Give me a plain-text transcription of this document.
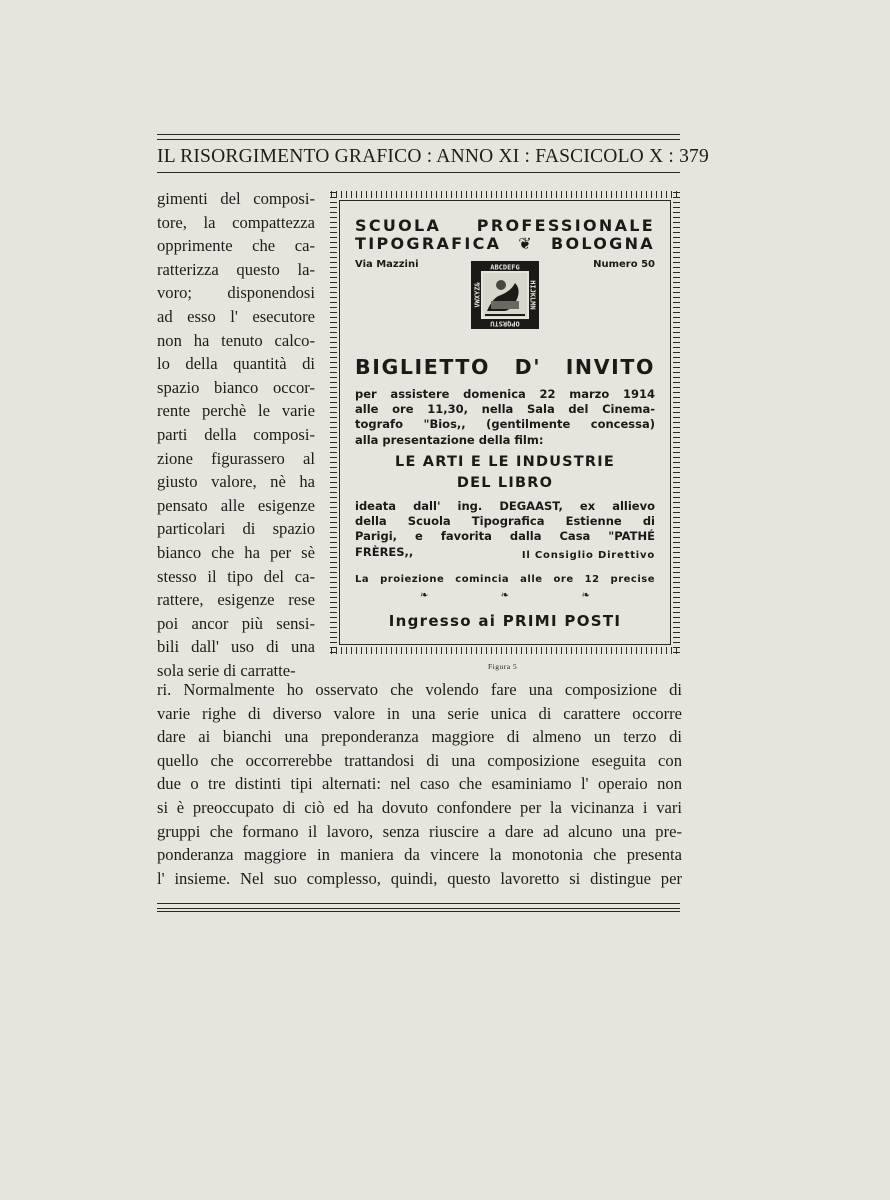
IL RISORGIMENTO GRAFICO : ANNO XI : FASCICOLO X : 379
gimenti del composi-
tore, la compattezza
opprimente che ca-
ratterizza questo la-
voro; disponendosi
ad esso l' esecutore
non ha tenuto calco-
lo della quantità di
spazio bianco occor-
rente perchè le varie
parti della composi-
zione figurassero al
giusto valore, nè ha
pensato alle esigenze
particolari di spazio
bianco che ha per sè
stesso il tipo del ca-
rattere, esigenze rese
poi ancor più sensi-
bili dall' uso di una
sola serie di carratte-
SCUOLA PROFESSIONALE
TIPOGRAFICA ❦ BOLOGNA
Via Mazzini	Numero 50
ABCDEFG
OPQRSTU
HIJKLMN
VWXYZ&
BIGLIETTO D' INVITO
per assistere domenica 22 marzo 1914
alle ore 11,30, nella Sala del Cinema-
tografo "Bios,, (gentilmente concessa)
alla presentazione della film:
LE ARTI E LE INDUSTRIE
DEL LIBRO
ideata dall' ing. DEGAAST, ex allievo
della Scuola Tipografica Estienne di
Parigi, e favorita dalla Casa "PATHÉ
FRÈRES,,	Il Consiglio Direttivo
La proiezione comincia alle ore 12 precise
❧	❧	❧
Ingresso ai PRIMI POSTI
Figura 5
ri. Normalmente ho osservato che volendo fare una composizione di
varie righe di diverso valore in una serie unica di carattere occorre
dare ai bianchi una preponderanza maggiore di almeno un terzo di
quello che occorrerebbe trattandosi di una composizione eseguita con
due o tre distinti tipi alternati: nel caso che esaminiamo l' operaio non
si è preoccupato di ciò ed ha dovuto confondere per la vicinanza i vari
gruppi che formano il lavoro, senza riuscire a dare ad alcuno una pre-
ponderanza maggiore in maniera da vincere la monotonia che presenta
l' insieme. Nel suo complesso, quindi, questo lavoretto si distingue per
